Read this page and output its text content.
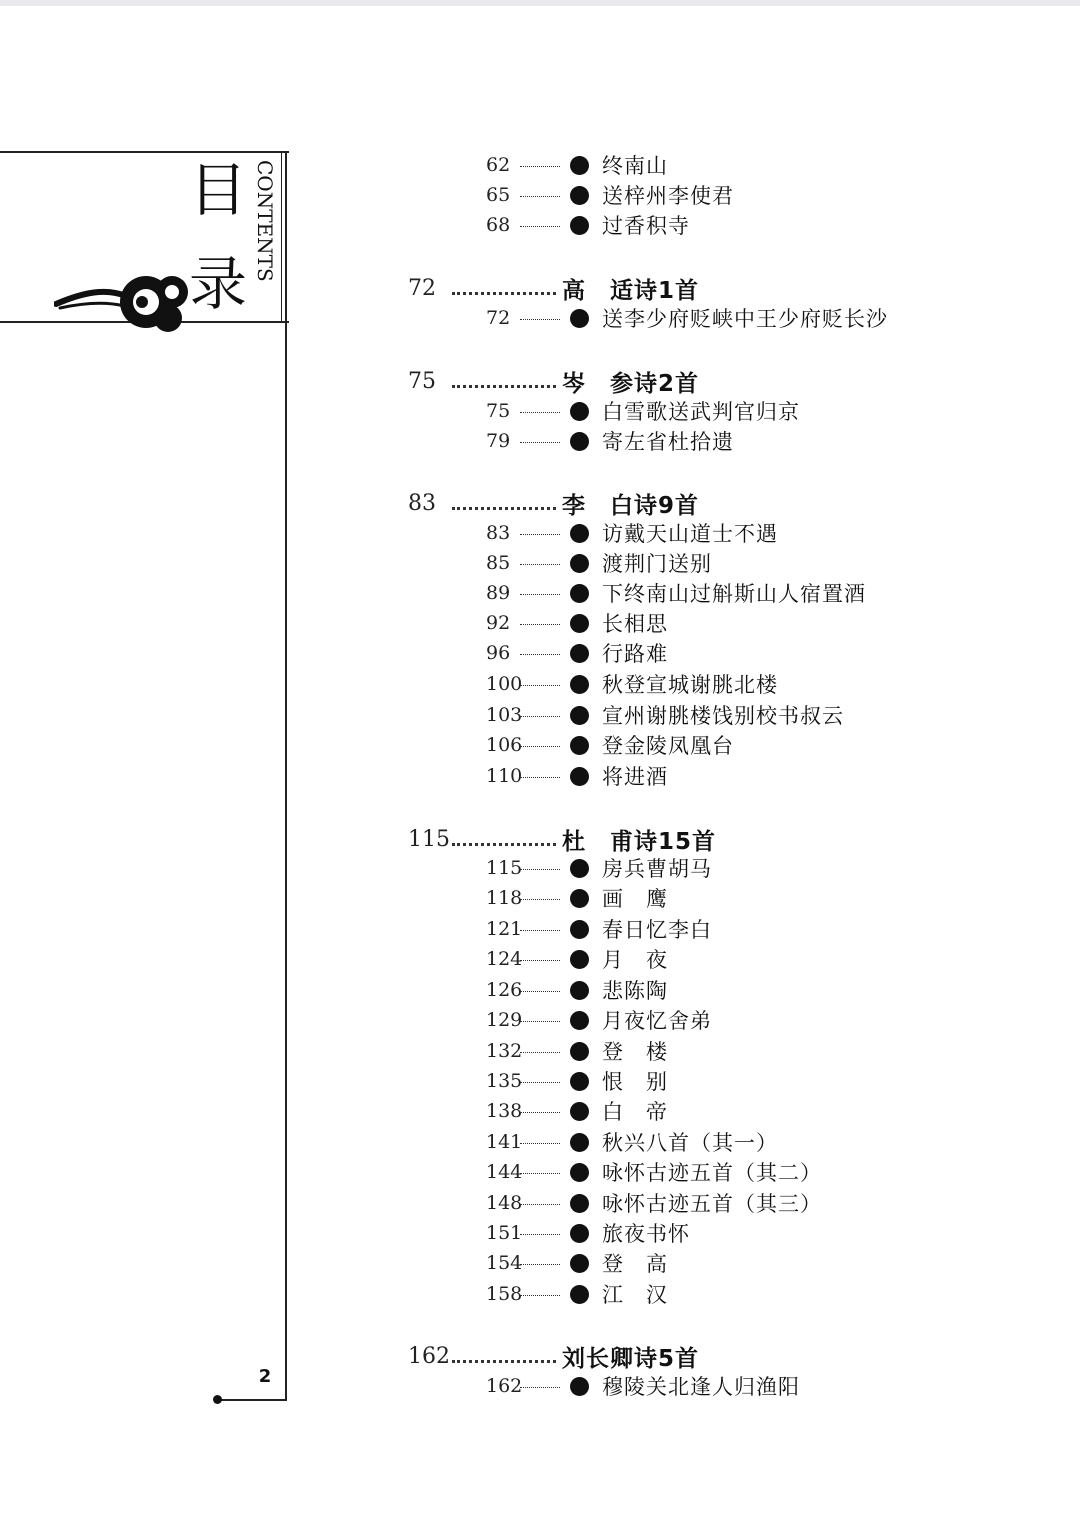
目
录
CONTENTS
2
62	终南山
65	送梓州李使君
68	过香积寺
72	高　适诗1首
72	送李少府贬峡中王少府贬长沙
75	岑　参诗2首
75	白雪歌送武判官归京
79	寄左省杜拾遗
83	李　白诗9首
83	访戴天山道士不遇
85	渡荆门送别
89	下终南山过斛斯山人宿置酒
92	长相思
96	行路难
100	秋登宣城谢朓北楼
103	宣州谢朓楼饯别校书叔云
106	登金陵凤凰台
110	将进酒
115	杜　甫诗15首
115	房兵曹胡马
118	画　鹰
121	春日忆李白
124	月　夜
126	悲陈陶
129	月夜忆舍弟
132	登　楼
135	恨　别
138	白　帝
141	秋兴八首（其一）
144	咏怀古迹五首（其二）
148	咏怀古迹五首（其三）
151	旅夜书怀
154	登　高
158	江　汉
162	刘长卿诗5首
162	穆陵关北逢人归渔阳
